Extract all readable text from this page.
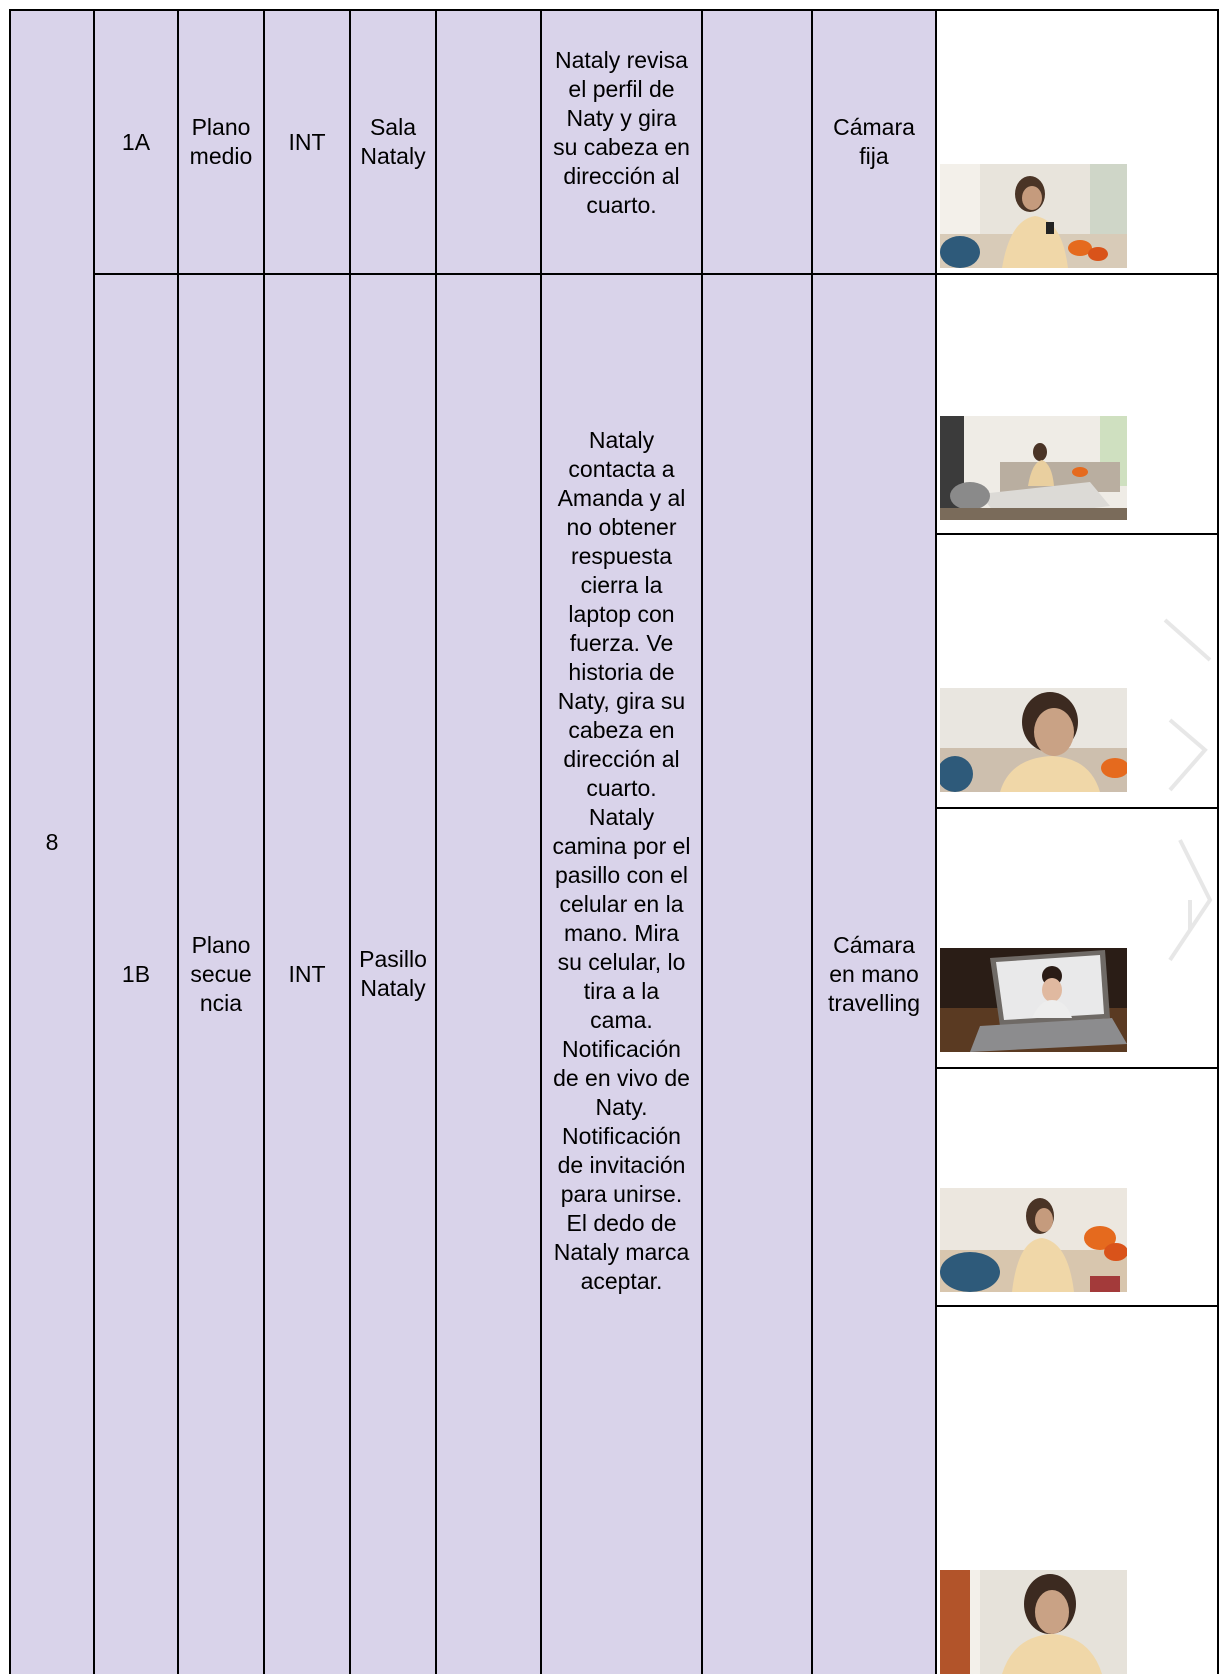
8
1A
Plano
medio
INT
Sala
Nataly
Nataly revisa
el perfil de
Naty y gira
su cabeza en
dirección al
cuarto.
Cámara
fija
1B
Plano
secue
ncia
INT
Pasillo
Nataly
Nataly
contacta a
Amanda y al
no obtener
respuesta
cierra la
laptop con
fuerza. Ve
historia de
Naty, gira su
cabeza en
dirección al
cuarto.
Nataly
camina por el
pasillo con el
celular en la
mano. Mira
su celular, lo
tira a la
cama.
Notificación
de en vivo de
Naty.
Notificación
de invitación
para unirse.
El dedo de
Nataly marca
aceptar.
Cámara
en mano
travelling
